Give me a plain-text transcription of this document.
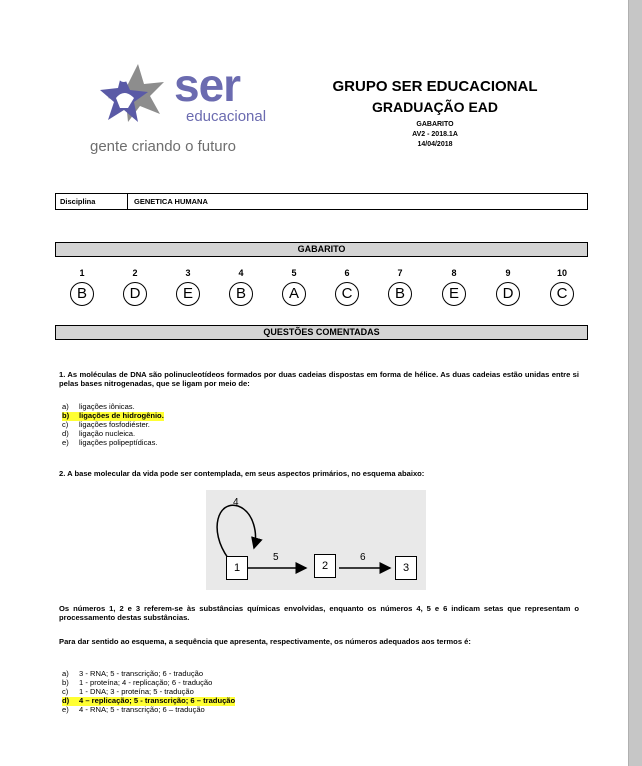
ser
educacional
gente criando o futuro
GRUPO SER EDUCACIONAL
GRADUAÇÃO EAD
GABARITO
AV2 - 2018.1A
14/04/2018
Disciplina	GENETICA HUMANA
GABARITO
1
B
2
D
3
E
4
B
5
A
6
C
7
B
8
E
9
D
10
C
QUESTÕES COMENTADAS
1. As moléculas de DNA são polinucleotídeos formados por duas cadeias dispostas em forma de hélice. As duas cadeias estão unidas entre si pelas bases nitrogenadas, que se ligam por meio de:
a) ligações iônicas.
b) ligações de hidrogênio.
c) ligações fosfodiéster.
d) ligação nucleica.
e) ligações polipeptídicas.
2. A base molecular da vida pode ser contemplada, em seus aspectos primários, no esquema abaixo:
4
5	6
1	2	3
Os números 1, 2 e 3 referem-se às substâncias químicas envolvidas, enquanto os números 4, 5 e 6 indicam setas que representam o processamento destas substâncias.
Para dar sentido ao esquema, a sequência que apresenta, respectivamente, os números adequados aos termos é:
a) 3 - RNA; 5 - transcrição; 6 - tradução
b) 1 - proteína; 4 - replicação; 6 - tradução
c) 1 - DNA; 3 - proteína; 5 - tradução
d) 4 – replicação; 5 - transcrição; 6 – tradução
e) 4 - RNA; 5 - transcrição; 6 – tradução
